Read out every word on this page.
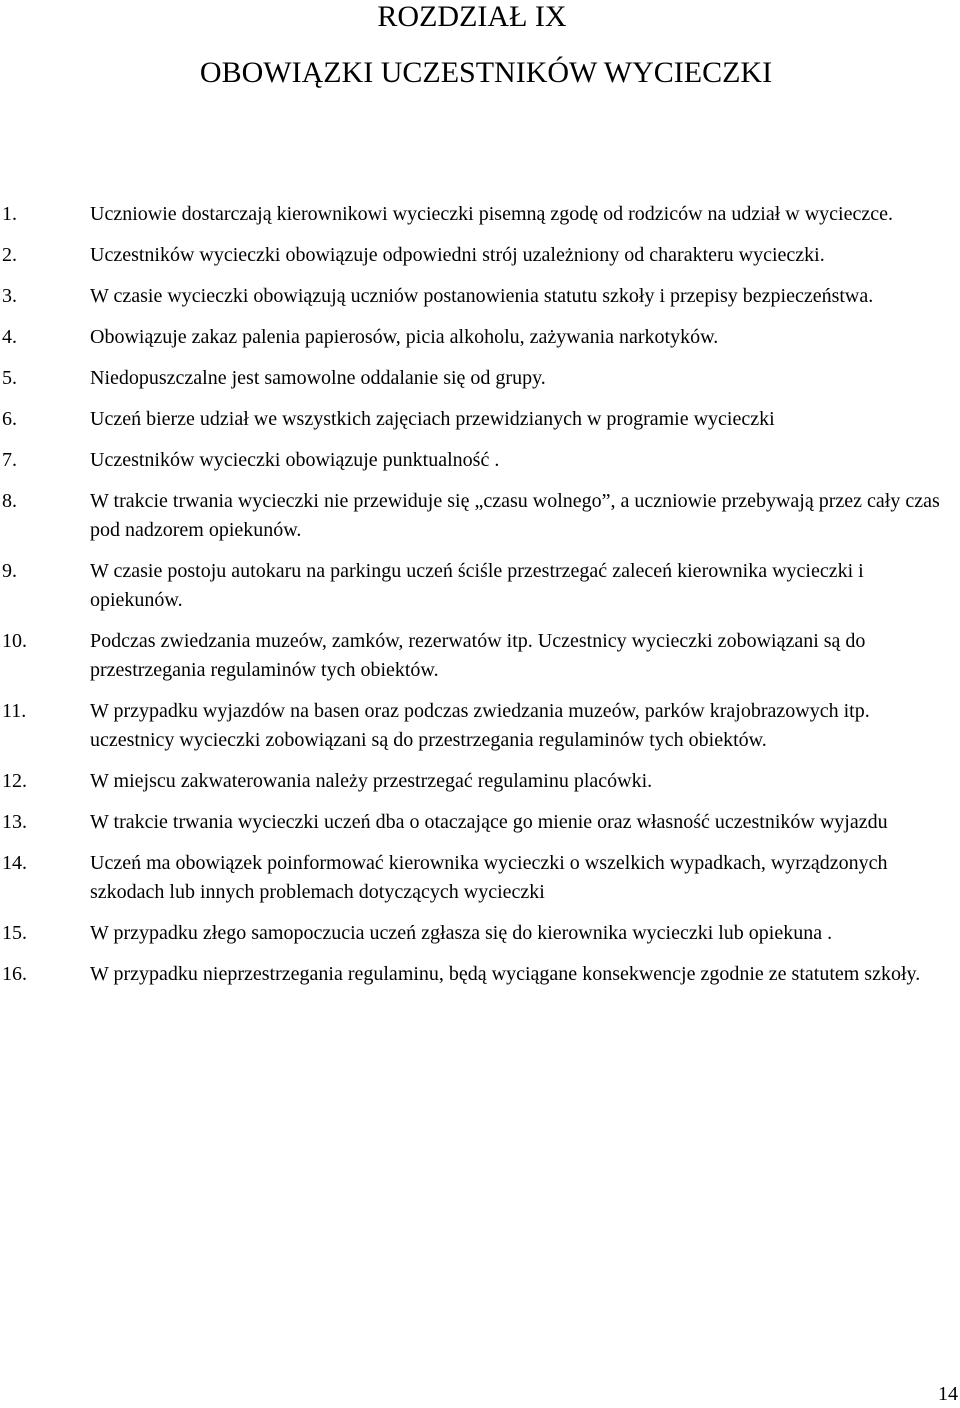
ROZDZIAŁ IX
OBOWIĄZKI UCZESTNIKÓW WYCIECZKI
1.	Uczniowie dostarczają kierownikowi wycieczki pisemną zgodę od rodziców na udział w wycieczce.
2.	Uczestników wycieczki obowiązuje odpowiedni strój uzależniony od charakteru wycieczki.
3.	W czasie wycieczki obowiązują uczniów postanowienia statutu szkoły i przepisy bezpieczeństwa.
4.	Obowiązuje zakaz palenia papierosów, picia alkoholu, zażywania narkotyków.
5.	Niedopuszczalne jest samowolne oddalanie się od grupy.
6.	Uczeń bierze udział we wszystkich zajęciach przewidzianych w programie wycieczki
7.	Uczestników wycieczki obowiązuje punktualność .
8.	W trakcie trwania wycieczki nie przewiduje się „czasu wolnego”, a uczniowie przebywają przez cały czas pod nadzorem opiekunów.
9.	W czasie postoju autokaru na parkingu uczeń ściśle przestrzegać zaleceń kierownika wycieczki i opiekunów.
10.	Podczas zwiedzania muzeów, zamków, rezerwatów itp. Uczestnicy wycieczki zobowiązani są do przestrzegania regulaminów tych obiektów.
11.	W przypadku wyjazdów na basen oraz podczas zwiedzania muzeów, parków krajobrazowych itp. uczestnicy wycieczki zobowiązani są do przestrzegania regulaminów tych obiektów.
12.	W miejscu zakwaterowania należy przestrzegać regulaminu placówki.
13.	W trakcie trwania wycieczki uczeń dba o otaczające go mienie oraz własność uczestników wyjazdu
14.	Uczeń ma obowiązek poinformować kierownika wycieczki o wszelkich wypadkach, wyrządzonych szkodach lub innych problemach dotyczących wycieczki
15.	W przypadku złego samopoczucia uczeń zgłasza się do kierownika wycieczki lub opiekuna .
16.	W przypadku nieprzestrzegania regulaminu, będą wyciągane konsekwencje zgodnie ze statutem szkoły.
14
